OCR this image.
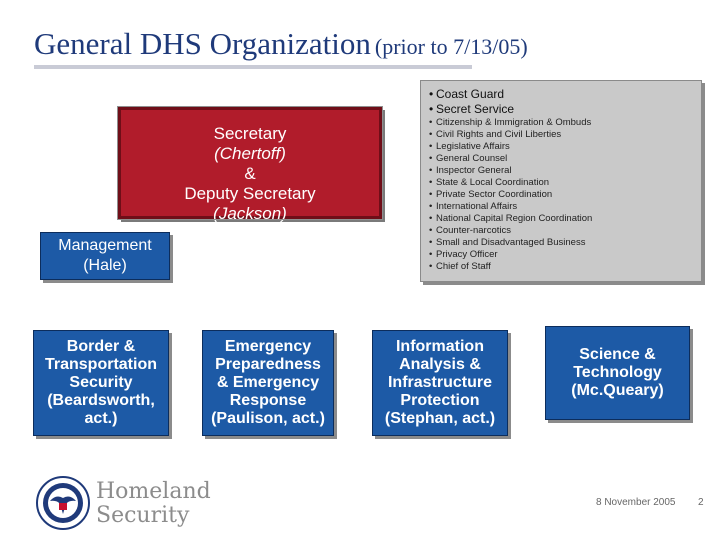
General DHS Organization (prior to 7/13/05)
Secretary
(Chertoff)
&
Deputy Secretary
(Jackson)
Management
(Hale)
• Coast Guard
• Secret Service
• Citizenship & Immigration & Ombuds
• Civil Rights and Civil Liberties
• Legislative Affairs
• General Counsel
• Inspector General
• State & Local Coordination
• Private Sector Coordination
• International Affairs
• National Capital Region Coordination
• Counter-narcotics
• Small and Disadvantaged Business
• Privacy Officer
• Chief of Staff
Border &
Transportation
Security
(Beardsworth,
act.)
Emergency
Preparedness
& Emergency
Response
(Paulison, act.)
Information
Analysis &
Infrastructure
Protection
(Stephan, act.)
Science &
Technology
(Mc.Queary)
Homeland
Security
8 November 2005 2
